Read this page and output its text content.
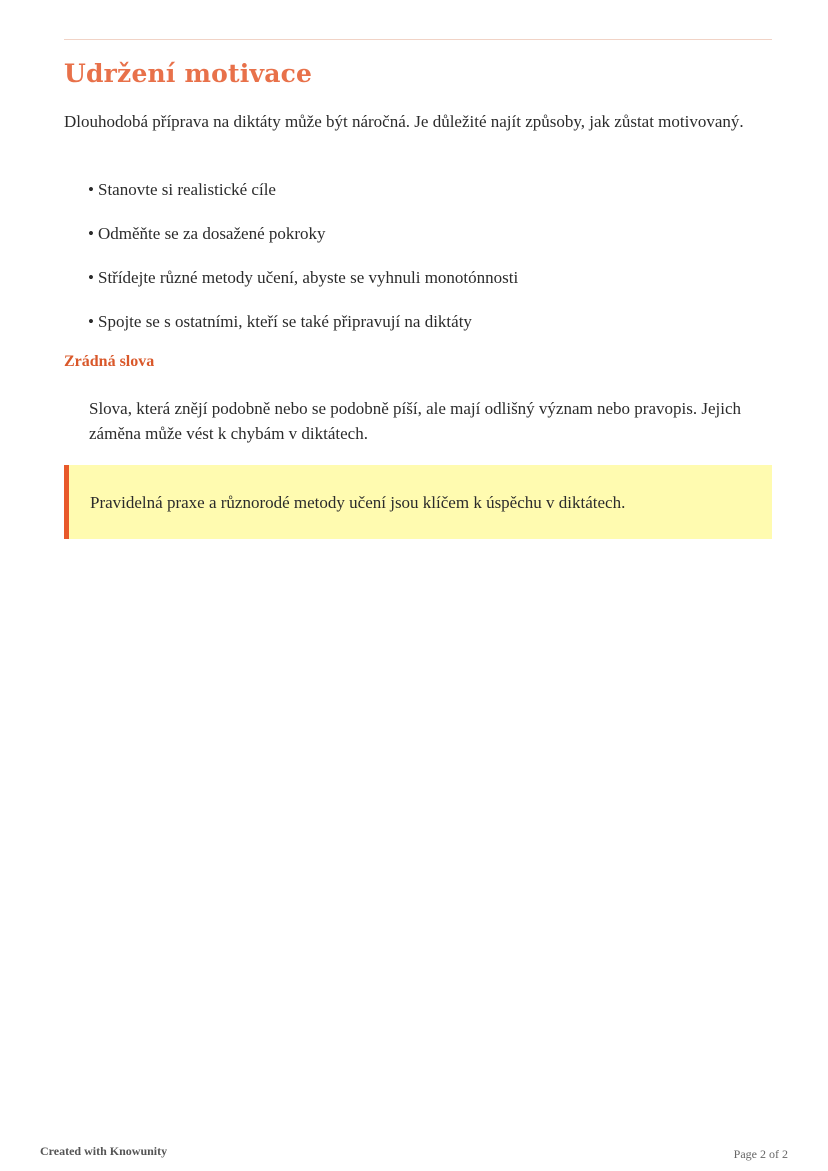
Udržení motivace

Dlouhodobá příprava na diktáty může být náročná. Je důležité najít způsoby, jak zůstat motivovaný.

• Stanovte si realistické cíle
• Odměňte se za dosažené pokroky
• Střídejte různé metody učení, abyste se vyhnuli monotónnosti
• Spojte se s ostatními, kteří se také připravují na diktáty
Zrádná slova

Slova, která znějí podobně nebo se podobně píší, ale mají odlišný význam nebo pravopis. Jejich záměna může vést k chybám v diktátech.

Pravidelná praxe a různorodé metody učení jsou klíčem k úspěchu v diktátech.

Created with Knowunity	Page 2 of 2
